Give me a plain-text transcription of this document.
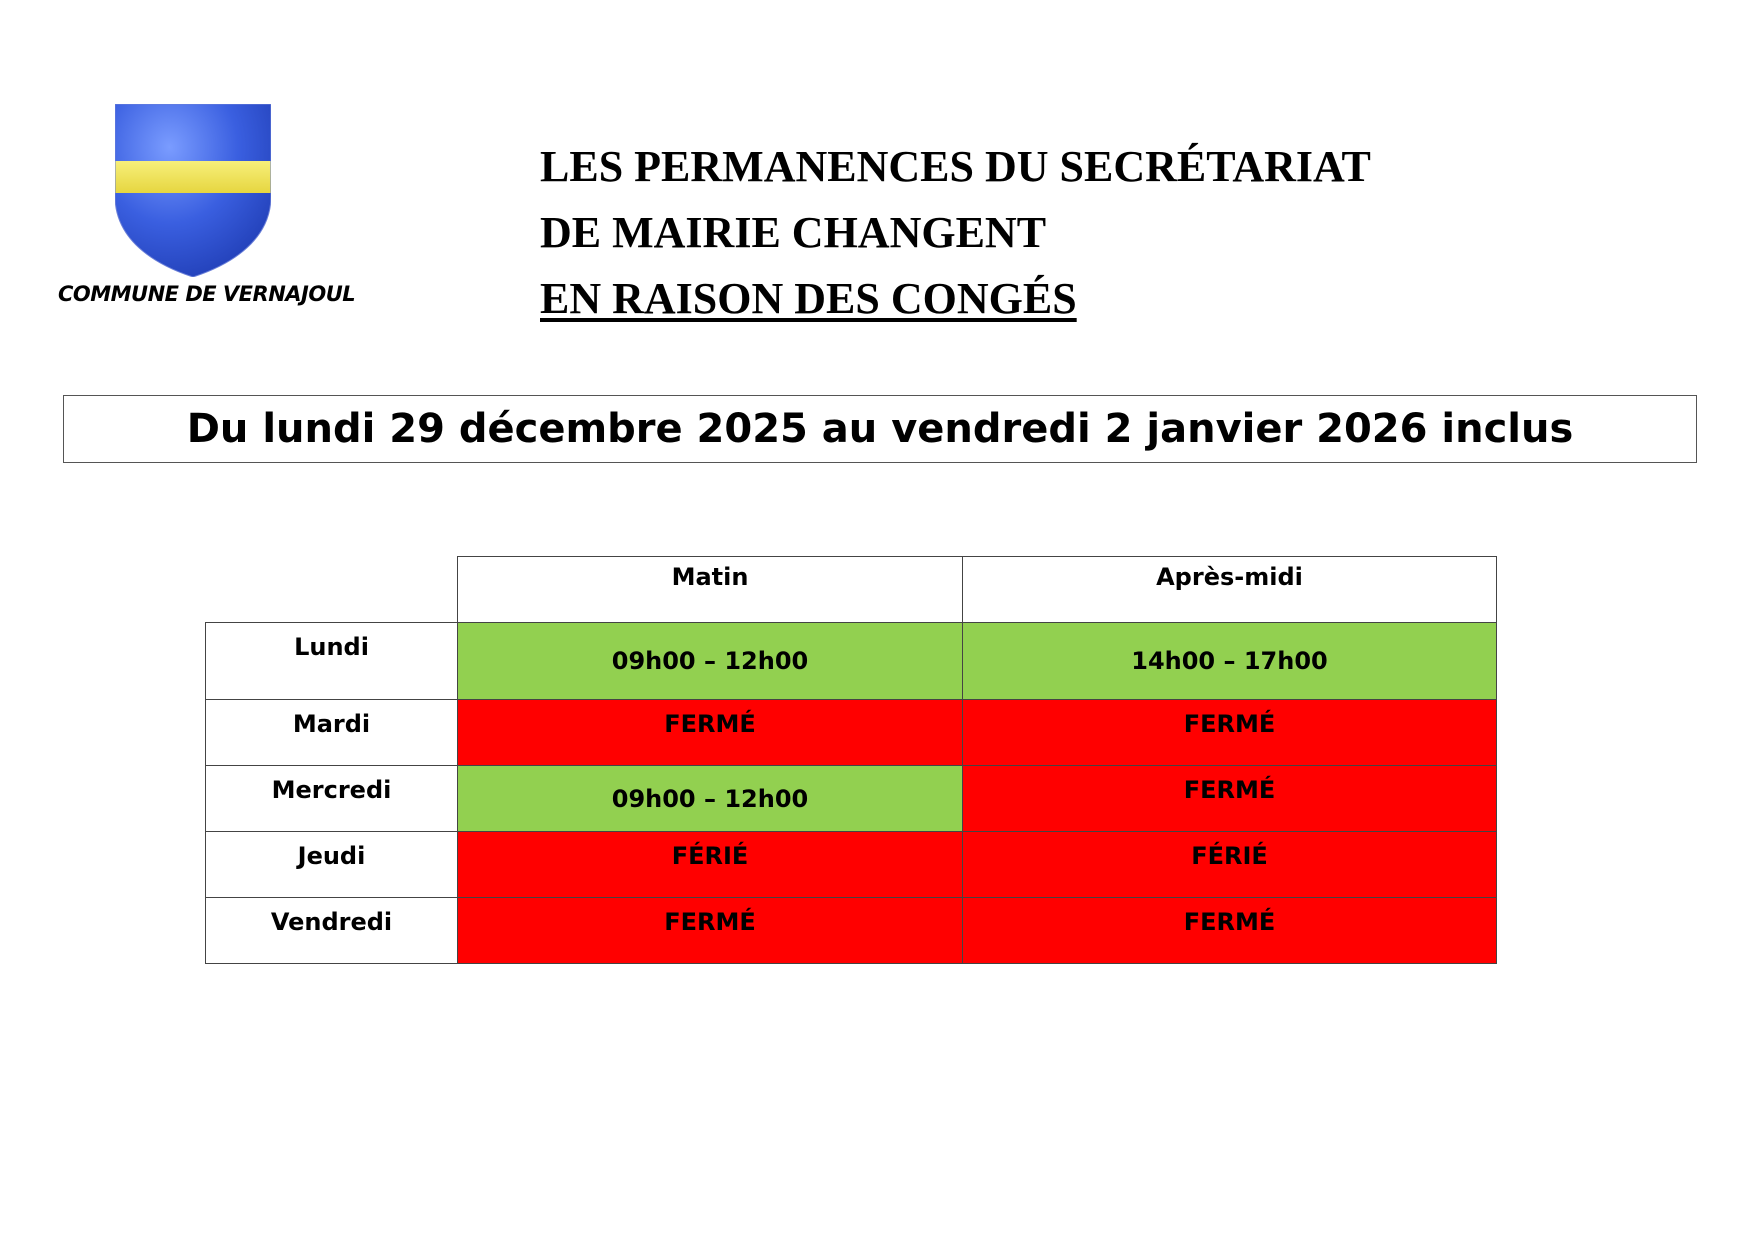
COMMUNE DE VERNAJOUL
LES PERMANENCES DU SECRÉTARIAT
DE MAIRIE CHANGENT
EN RAISON DES CONGÉS
Du lundi 29 décembre 2025 au vendredi 2 janvier 2026 inclus
	Matin	Après-midi
Lundi	09h00 – 12h00	14h00 – 17h00
Mardi	FERMÉ	FERMÉ
Mercredi	09h00 – 12h00	FERMÉ
Jeudi	FÉRIÉ	FÉRIÉ
Vendredi	FERMÉ	FERMÉ
